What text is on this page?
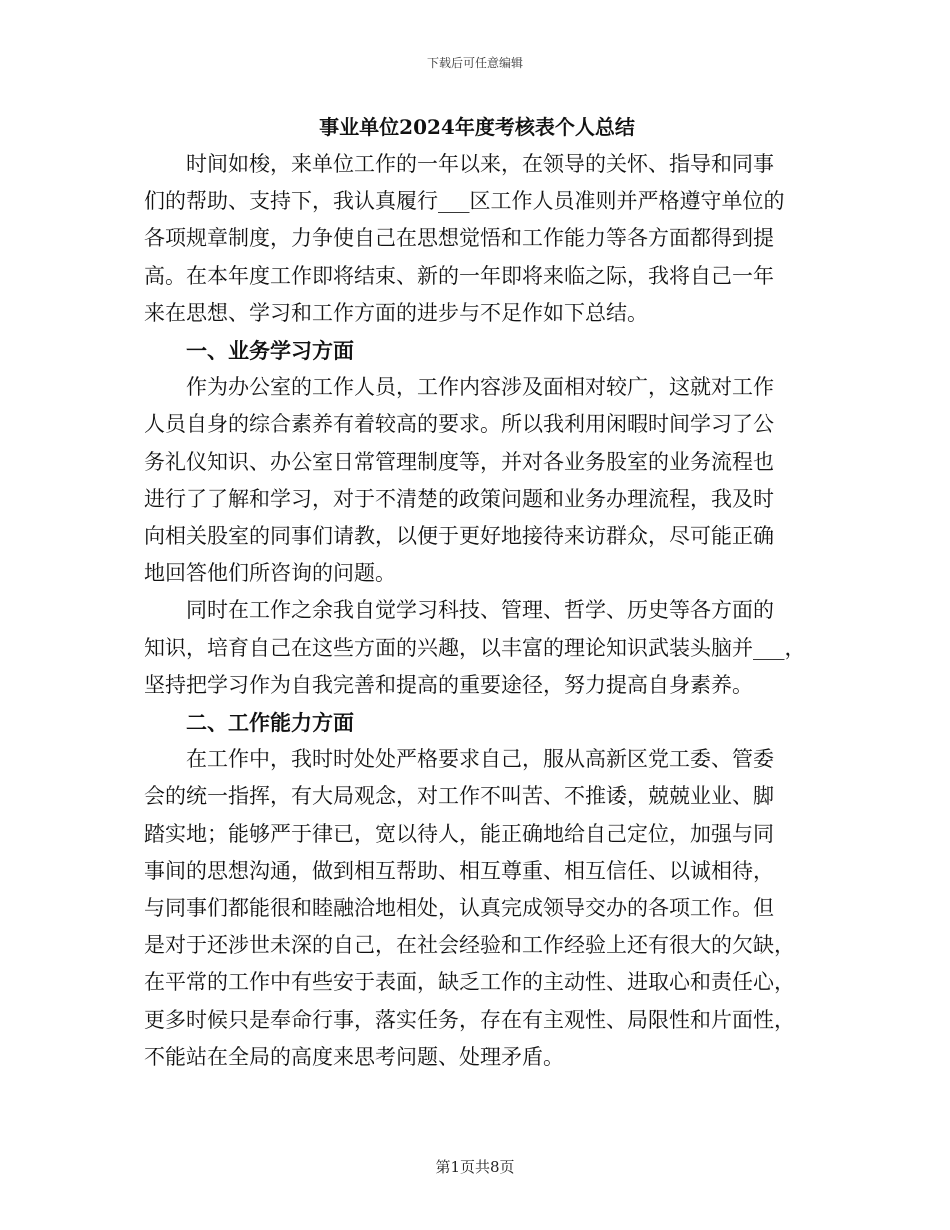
下载后可任意编辑
事业单位2024年度考核表个人总结

时间如梭，来单位工作的一年以来，在领导的关怀、指导和同事

们的帮助、支持下，我认真履行___区工作人员准则并严格遵守单位的

各项规章制度，力争使自己在思想觉悟和工作能力等各方面都得到提

高。在本年度工作即将结束、新的一年即将来临之际，我将自己一年

来在思想、学习和工作方面的进步与不足作如下总结。

一、业务学习方面

作为办公室的工作人员，工作内容涉及面相对较广，这就对工作

人员自身的综合素养有着较高的要求。所以我利用闲暇时间学习了公

务礼仪知识、办公室日常管理制度等，并对各业务股室的业务流程也

进行了了解和学习，对于不清楚的政策问题和业务办理流程，我及时

向相关股室的同事们请教，以便于更好地接待来访群众，尽可能正确

地回答他们所咨询的问题。

同时在工作之余我自觉学习科技、管理、哲学、历史等各方面的

知识，培育自己在这些方面的兴趣，以丰富的理论知识武装头脑并___，

坚持把学习作为自我完善和提高的重要途径，努力提高自身素养。

二、工作能力方面

在工作中，我时时处处严格要求自己，服从高新区党工委、管委

会的统一指挥，有大局观念，对工作不叫苦、不推诿，兢兢业业、脚

踏实地；能够严于律已，宽以待人，能正确地给自己定位，加强与同

事间的思想沟通，做到相互帮助、相互尊重、相互信任、以诚相待，

与同事们都能很和睦融洽地相处，认真完成领导交办的各项工作。但

是对于还涉世未深的自己，在社会经验和工作经验上还有很大的欠缺，

在平常的工作中有些安于表面，缺乏工作的主动性、进取心和责任心，

更多时候只是奉命行事，落实任务，存在有主观性、局限性和片面性，

不能站在全局的高度来思考问题、处理矛盾。

第1页共8页
